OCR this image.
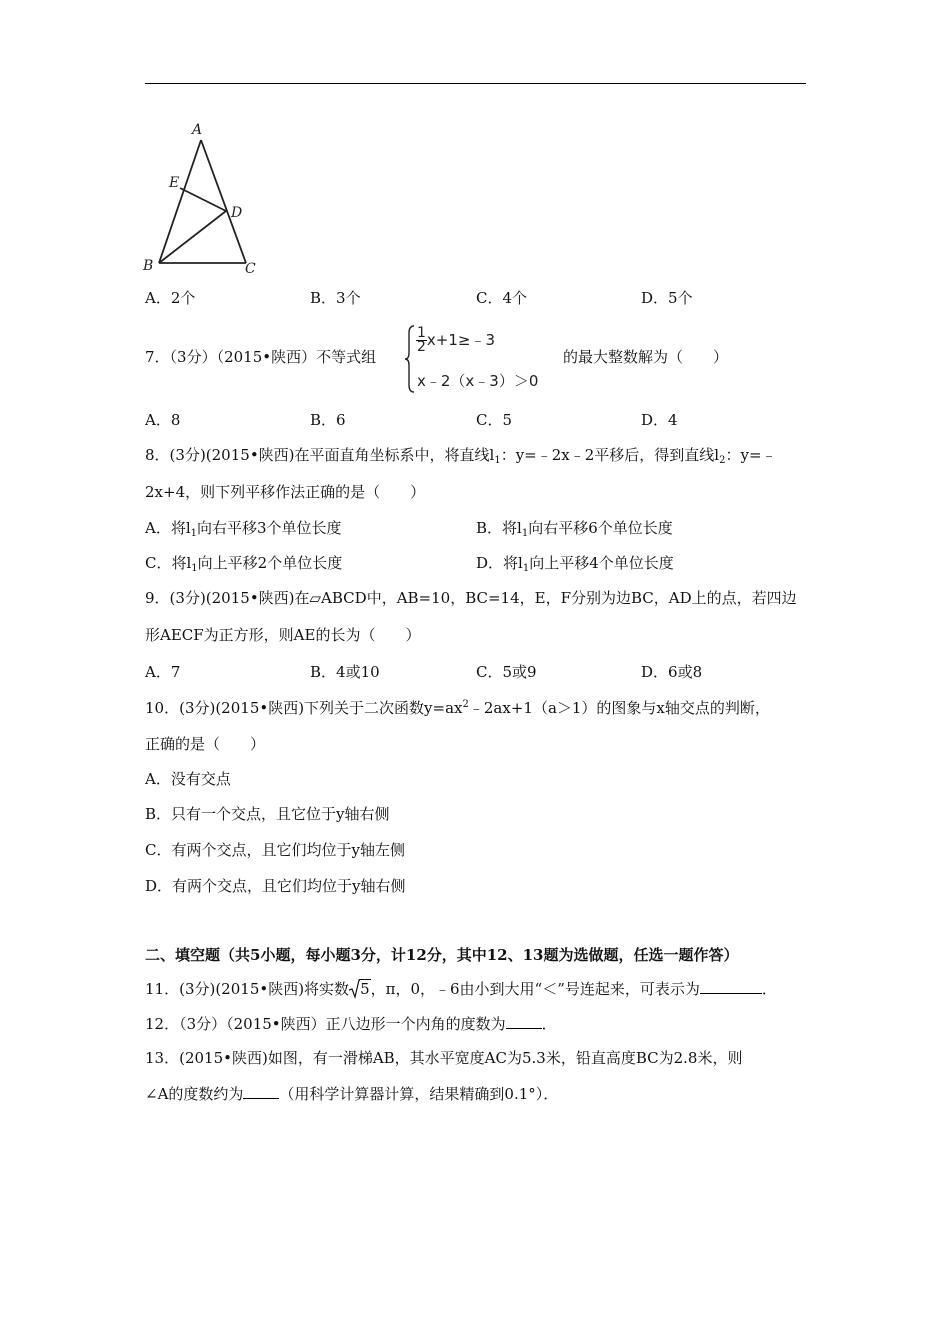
A
E
D
B	C
A．2个	B．3个	C．4个	D．5个
7．（3分）（2015•陕西）不等式组
$\frac{1}{2}$ x+1≥﹣3
x﹣2（x﹣3）＞0
的最大整数解为（　　）
A．8	B．6	C．5	D．4
8．(3分)(2015•陕西)在平面直角坐标系中，将直线$l_1$：y=﹣2x﹣2平移后，得到直线$l_2$：y=﹣
2x+4，则下列平移作法正确的是（　　）
A．将$l_1$向右平移3个单位长度	B．将$l_1$向右平移6个单位长度
C．将$l_1$向上平移2个单位长度	D．将$l_1$向上平移4个单位长度
9．(3分)(2015•陕西)在▱ABCD中，AB=10，BC=14，E，F分别为边BC，AD上的点，若四边
形AECF为正方形，则AE的长为（　　）
A．7	B．4或10	C．5或9	D．6或8
10．(3分)(2015•陕西)下列关于二次函数$y=ax^2﹣2ax+1(a>1)$的图象与x轴交点的判断，
正确的是（　　）
A．没有交点
B．只有一个交点，且它位于y轴右侧
C．有两个交点，且它们均位于y轴左侧
D．有两个交点，且它们均位于y轴右侧
二、填空题（共5小题，每小题3分，计12分，其中12、13题为选做题，任选一题作答）
11．(3分)(2015•陕西)将实数 5，π，0，﹣6由小到大用“＜”号连起来，可表示为	．
12．（3分）（2015•陕西）正八边形一个内角的度数为 ．
13．(2015•陕西)如图，有一滑梯AB，其水平宽度AC为5.3米，铅直高度BC为2.8米，则
∠A的度数约为 （用科学计算器计算，结果精确到0.1°）．
